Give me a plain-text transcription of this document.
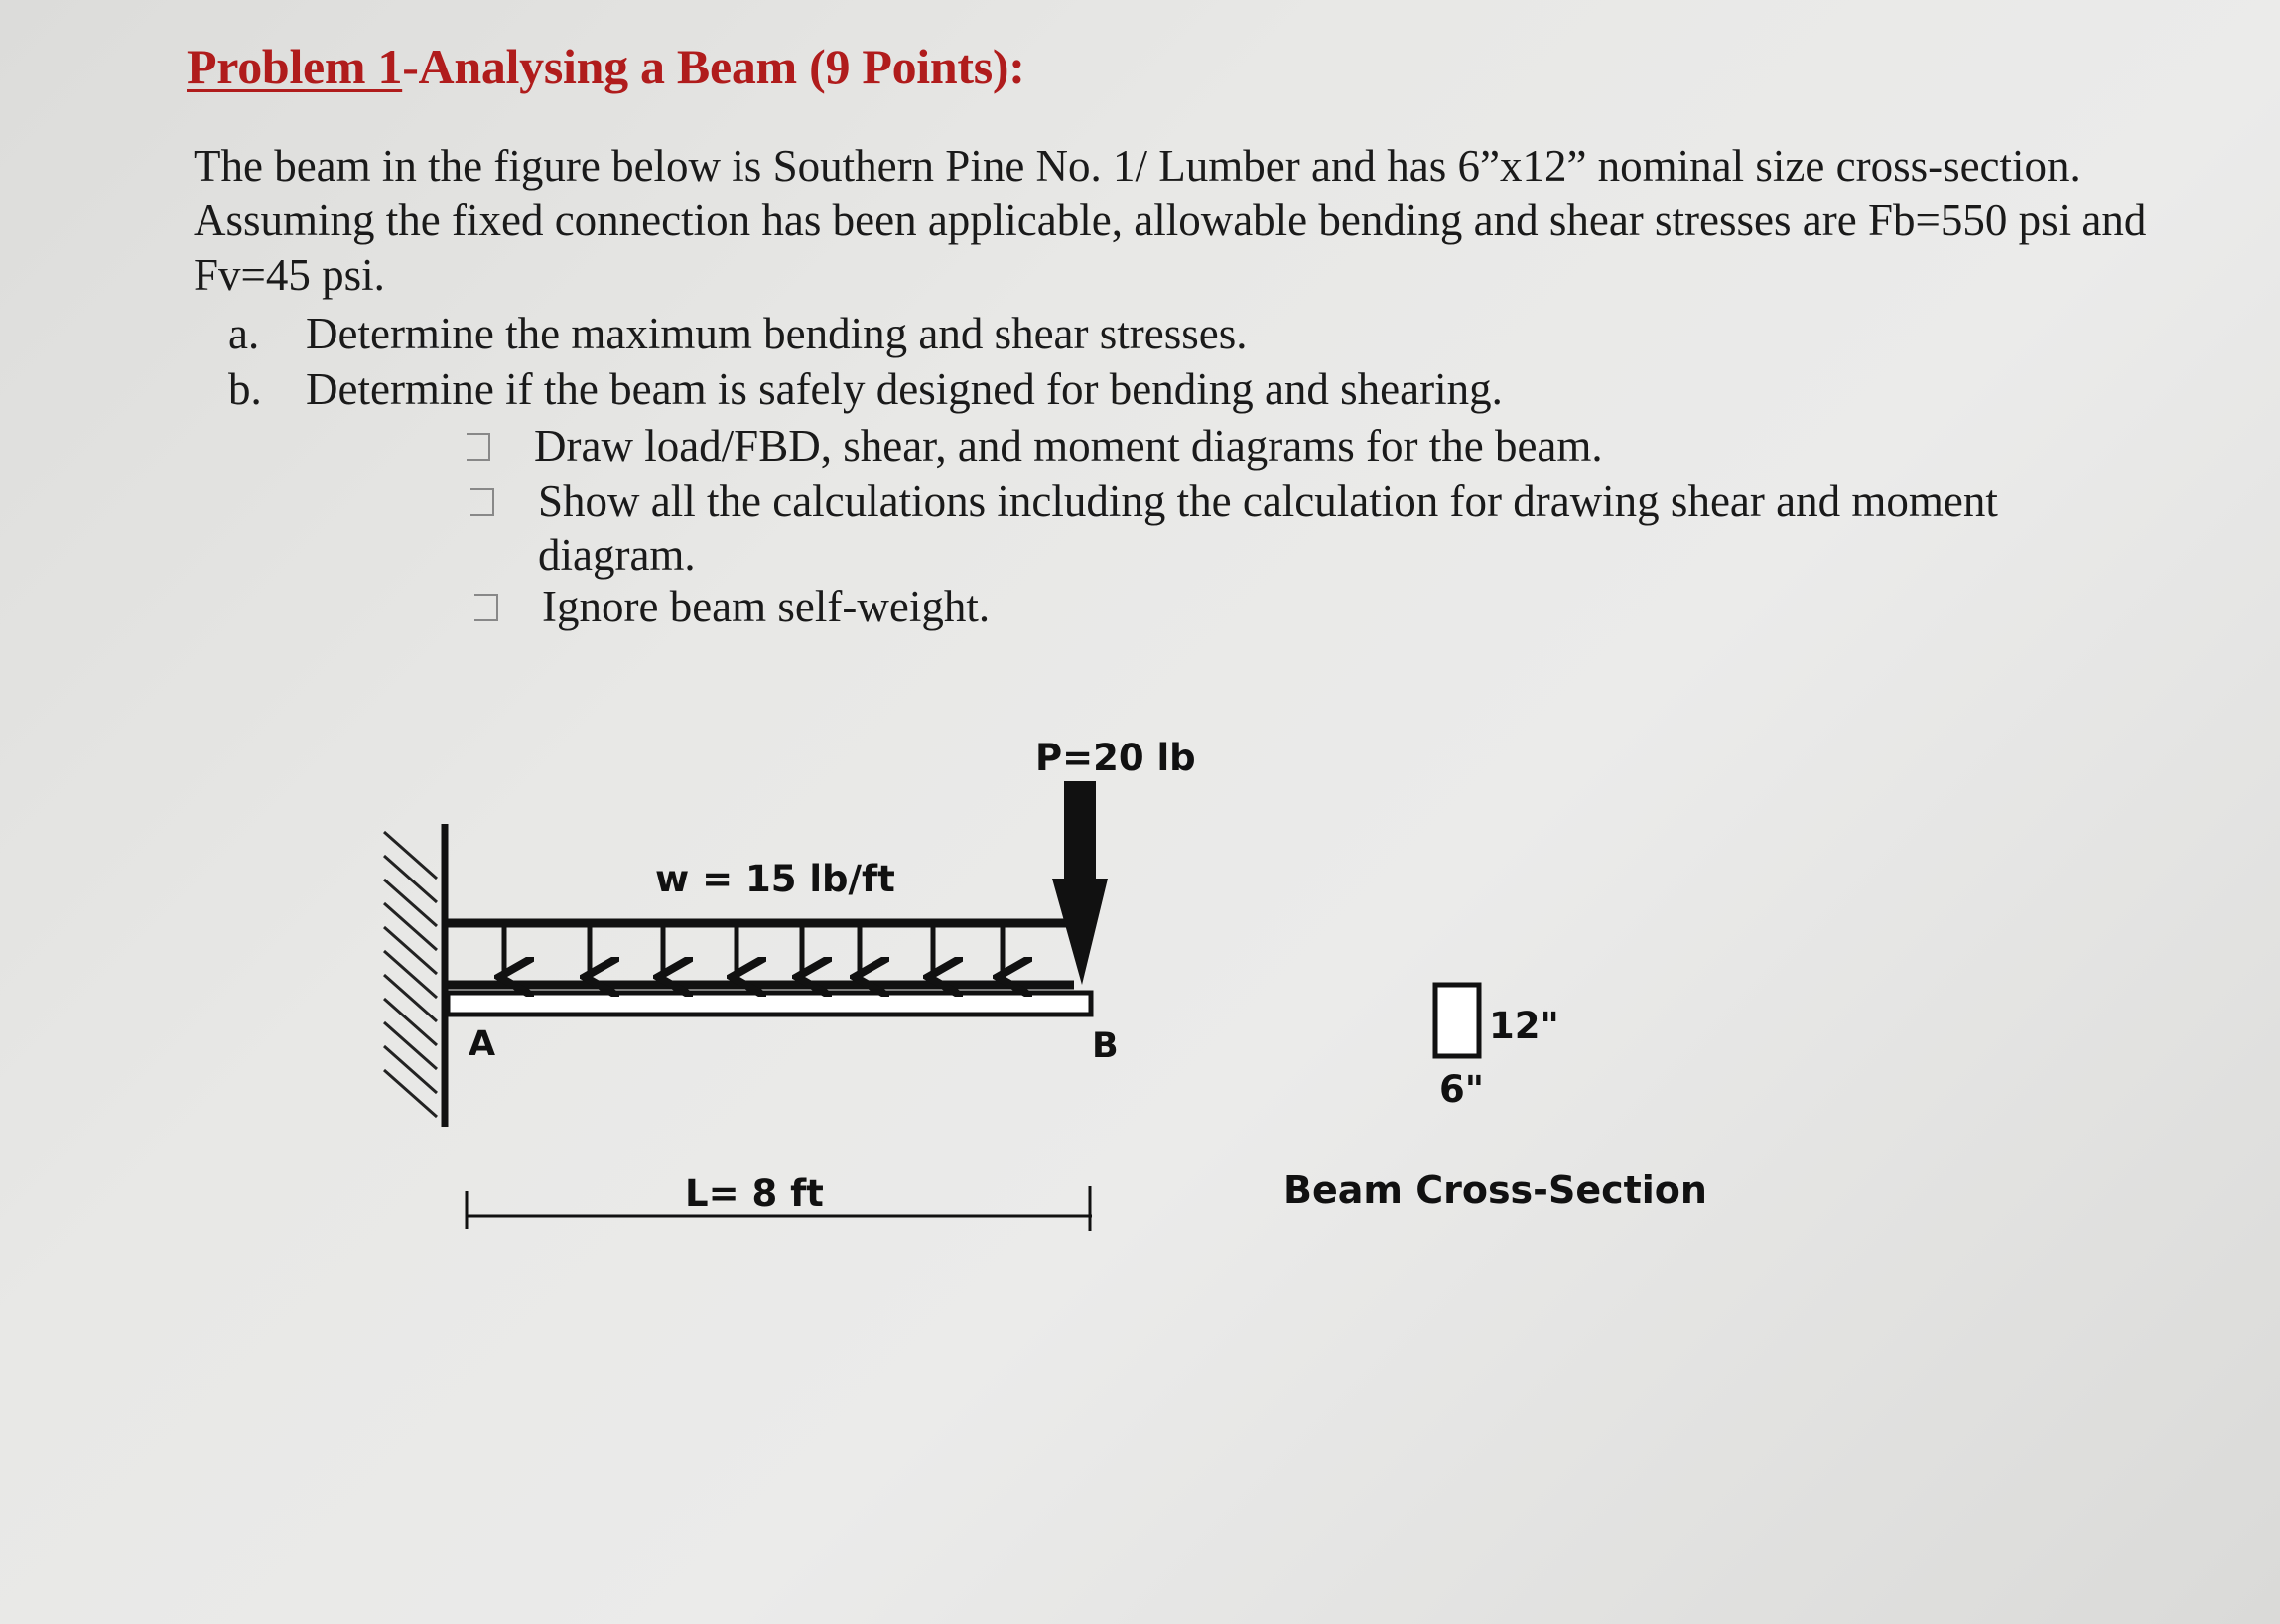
Problem 1-Analysing a Beam (9 Points):

The beam in the figure below is Southern Pine No. 1/ Lumber and has 6”x12” nominal size cross-section. Assuming the fixed connection has been applicable, allowable bending and shear stresses are Fb=550 psi and Fv=45 psi.

a. Determine the maximum bending and shear stresses.
b. Determine if the beam is safely designed for bending and shearing.
Draw load/FBD, shear, and moment diagrams for the beam.
Show all the calculations including the calculation for drawing shear and moment diagram.
Ignore beam self-weight.
P=20 lb
w = 15 lb/ft
A	B
L= 8 ft
12"
6"
Beam Cross-Section
